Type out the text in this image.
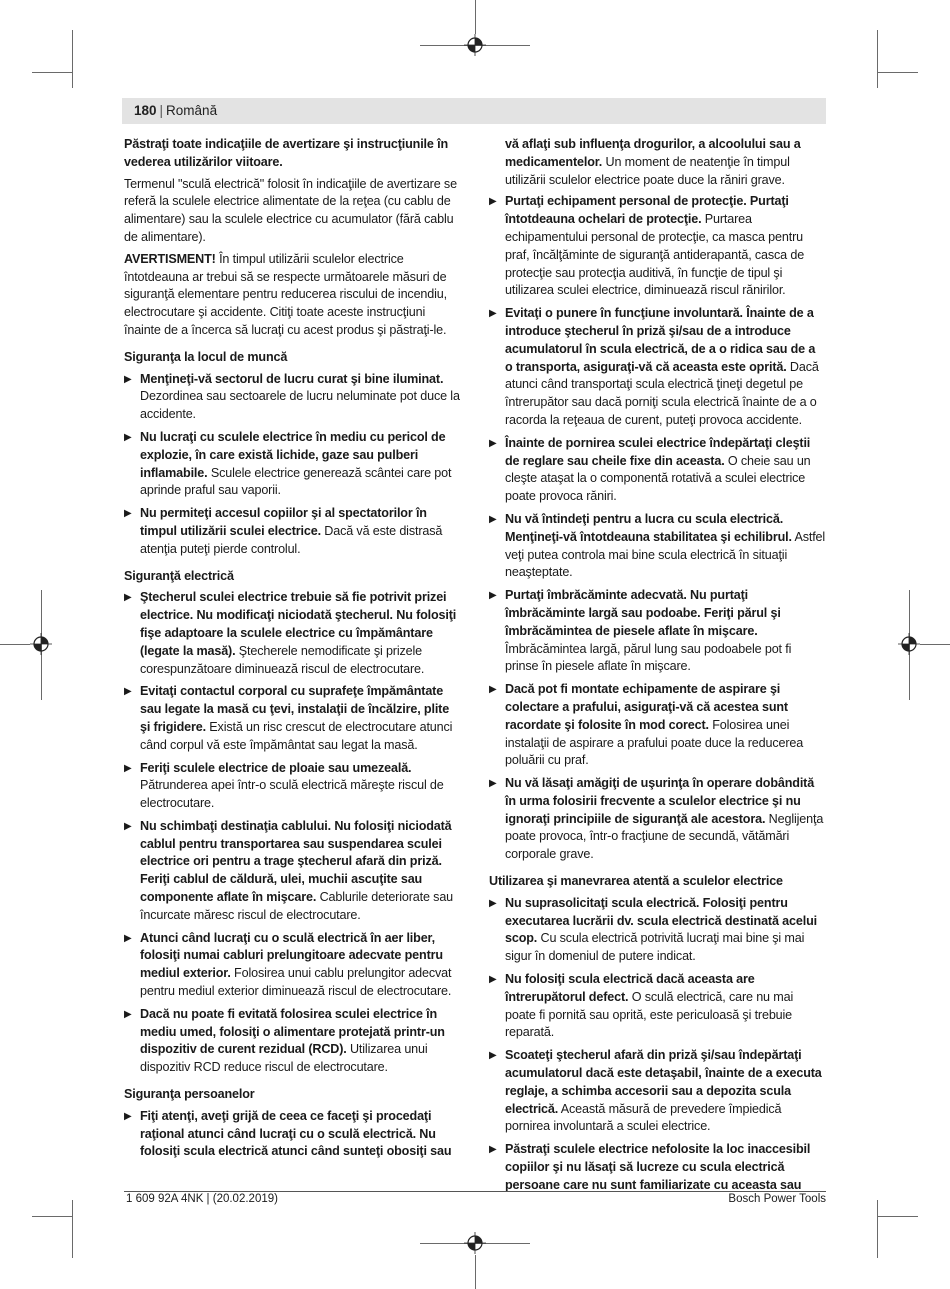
180 | Română

Păstraţi toate indicaţiile de avertizare şi instrucţiunile în vederea utilizărilor viitoare.

Termenul "sculă electrică" folosit în indicaţiile de avertizare se referă la sculele electrice alimentate de la reţea (cu cablu de alimentare) sau la sculele electrice cu acumulator (fără cablu de alimentare).

AVERTISMENT! În timpul utilizării sculelor electrice întotdeauna ar trebui să se respecte următoarele măsuri de siguranţă elementare pentru reducerea riscului de incendiu, electrocutare şi accidente. Citiţi toate aceste instrucţiuni înainte de a încerca să lucraţi cu acest produs şi păstraţi-le.

Siguranţa la locul de muncă
▶ Menţineţi-vă sectorul de lucru curat şi bine iluminat. Dezordinea sau sectoarele de lucru neluminate pot duce la accidente.
▶ Nu lucraţi cu sculele electrice în mediu cu pericol de explozie, în care există lichide, gaze sau pulberi inflamabile. Sculele electrice generează scântei care pot aprinde praful sau vaporii.
▶ Nu permiteţi accesul copiilor şi al spectatorilor în timpul utilizării sculei electrice. Dacă vă este distrasă atenţia puteţi pierde controlul.
Siguranţă electrică
▶ Ştecherul sculei electrice trebuie să fie potrivit prizei electrice. Nu modificaţi niciodată ştecherul. Nu folosiţi fişe adaptoare la sculele electrice cu împământare (legate la masă). Ştecherele nemodificate şi prizele corespunzătoare diminuează riscul de electrocutare.
▶ Evitaţi contactul corporal cu suprafeţe împământate sau legate la masă cu ţevi, instalaţii de încălzire, plite şi frigidere. Există un risc crescut de electrocutare atunci când corpul vă este împământat sau legat la masă.
▶ Feriţi sculele electrice de ploaie sau umezeală. Pătrunderea apei într-o sculă electrică măreşte riscul de electrocutare.
▶ Nu schimbaţi destinaţia cablului. Nu folosiţi niciodată cablul pentru transportarea sau suspendarea sculei electrice ori pentru a trage ştecherul afară din priză. Feriţi cablul de căldură, ulei, muchii ascuţite sau componente aflate în mişcare. Cablurile deteriorate sau încurcate măresc riscul de electrocutare.
▶ Atunci când lucraţi cu o sculă electrică în aer liber, folosiţi numai cabluri prelungitoare adecvate pentru mediul exterior. Folosirea unui cablu prelungitor adecvat pentru mediul exterior diminuează riscul de electrocutare.
▶ Dacă nu poate fi evitată folosirea sculei electrice în mediu umed, folosiţi o alimentare protejată printr-un dispozitiv de curent rezidual (RCD). Utilizarea unui dispozitiv RCD reduce riscul de electrocutare.
Siguranţa persoanelor
▶ Fiţi atenţi, aveţi grijă de ceea ce faceţi şi procedaţi raţional atunci când lucraţi cu o sculă electrică. Nu folosiţi scula electrică atunci când sunteţi obosiţi sau

vă aflaţi sub influenţa drogurilor, a alcoolului sau a medicamentelor. Un moment de neatenţie în timpul utilizării sculelor electrice poate duce la răniri grave.

▶ Purtaţi echipament personal de protecţie. Purtaţi întotdeauna ochelari de protecţie. Purtarea echipamentului personal de protecţie, ca masca pentru praf, încălţăminte de siguranţă antiderapantă, casca de protecţie sau protecţia auditivă, în funcţie de tipul şi utilizarea sculei electrice, diminuează riscul rănirilor.
▶ Evitaţi o punere în funcţiune involuntară. Înainte de a introduce ştecherul în priză şi/sau de a introduce acumulatorul în scula electrică, de a o ridica sau de a o transporta, asiguraţi-vă că aceasta este oprită. Dacă atunci când transportaţi scula electrică ţineţi degetul pe întrerupător sau dacă porniţi scula electrică înainte de a o racorda la reţeaua de curent, puteţi provoca accidente.
▶ Înainte de pornirea sculei electrice îndepărtaţi cleştii de reglare sau cheile fixe din aceasta. O cheie sau un cleşte ataşat la o componentă rotativă a sculei electrice poate provoca răniri.
▶ Nu vă întindeţi pentru a lucra cu scula electrică. Menţineţi-vă întotdeauna stabilitatea şi echilibrul. Astfel veţi putea controla mai bine scula electrică în situaţii neaşteptate.
▶ Purtaţi îmbrăcăminte adecvată. Nu purtaţi îmbrăcăminte largă sau podoabe. Feriţi părul şi îmbrăcămintea de piesele aflate în mişcare. Îmbrăcămintea largă, părul lung sau podoabele pot fi prinse în piesele aflate în mişcare.
▶ Dacă pot fi montate echipamente de aspirare şi colectare a prafului, asiguraţi-vă că acestea sunt racordate şi folosite în mod corect. Folosirea unei instalaţii de aspirare a prafului poate duce la reducerea poluării cu praf.
▶ Nu vă lăsaţi amăgiţi de uşurinţa în operare dobândită în urma folosirii frecvente a sculelor electrice şi nu ignoraţi principiile de siguranţă ale acestora. Neglijenţa poate provoca, într-o fracţiune de secundă, vătămări corporale grave.
Utilizarea şi manevrarea atentă a sculelor electrice
▶ Nu suprasolicitaţi scula electrică. Folosiţi pentru executarea lucrării dv. scula electrică destinată acelui scop. Cu scula electrică potrivită lucraţi mai bine şi mai sigur în domeniul de putere indicat.
▶ Nu folosiţi scula electrică dacă aceasta are întrerupătorul defect. O sculă electrică, care nu mai poate fi pornită sau oprită, este periculoasă şi trebuie reparată.
▶ Scoateţi ştecherul afară din priză şi/sau îndepărtaţi acumulatorul dacă este detaşabil, înainte de a executa reglaje, a schimba accesorii sau a depozita scula electrică. Această măsură de prevedere împiedică pornirea involuntară a sculei electrice.
▶ Păstraţi sculele electrice nefolosite la loc inaccesibil copiilor şi nu lăsaţi să lucreze cu scula electrică persoane care nu sunt familiarizate cu aceasta sau
1 609 92A 4NK | (20.02.2019)	Bosch Power Tools
